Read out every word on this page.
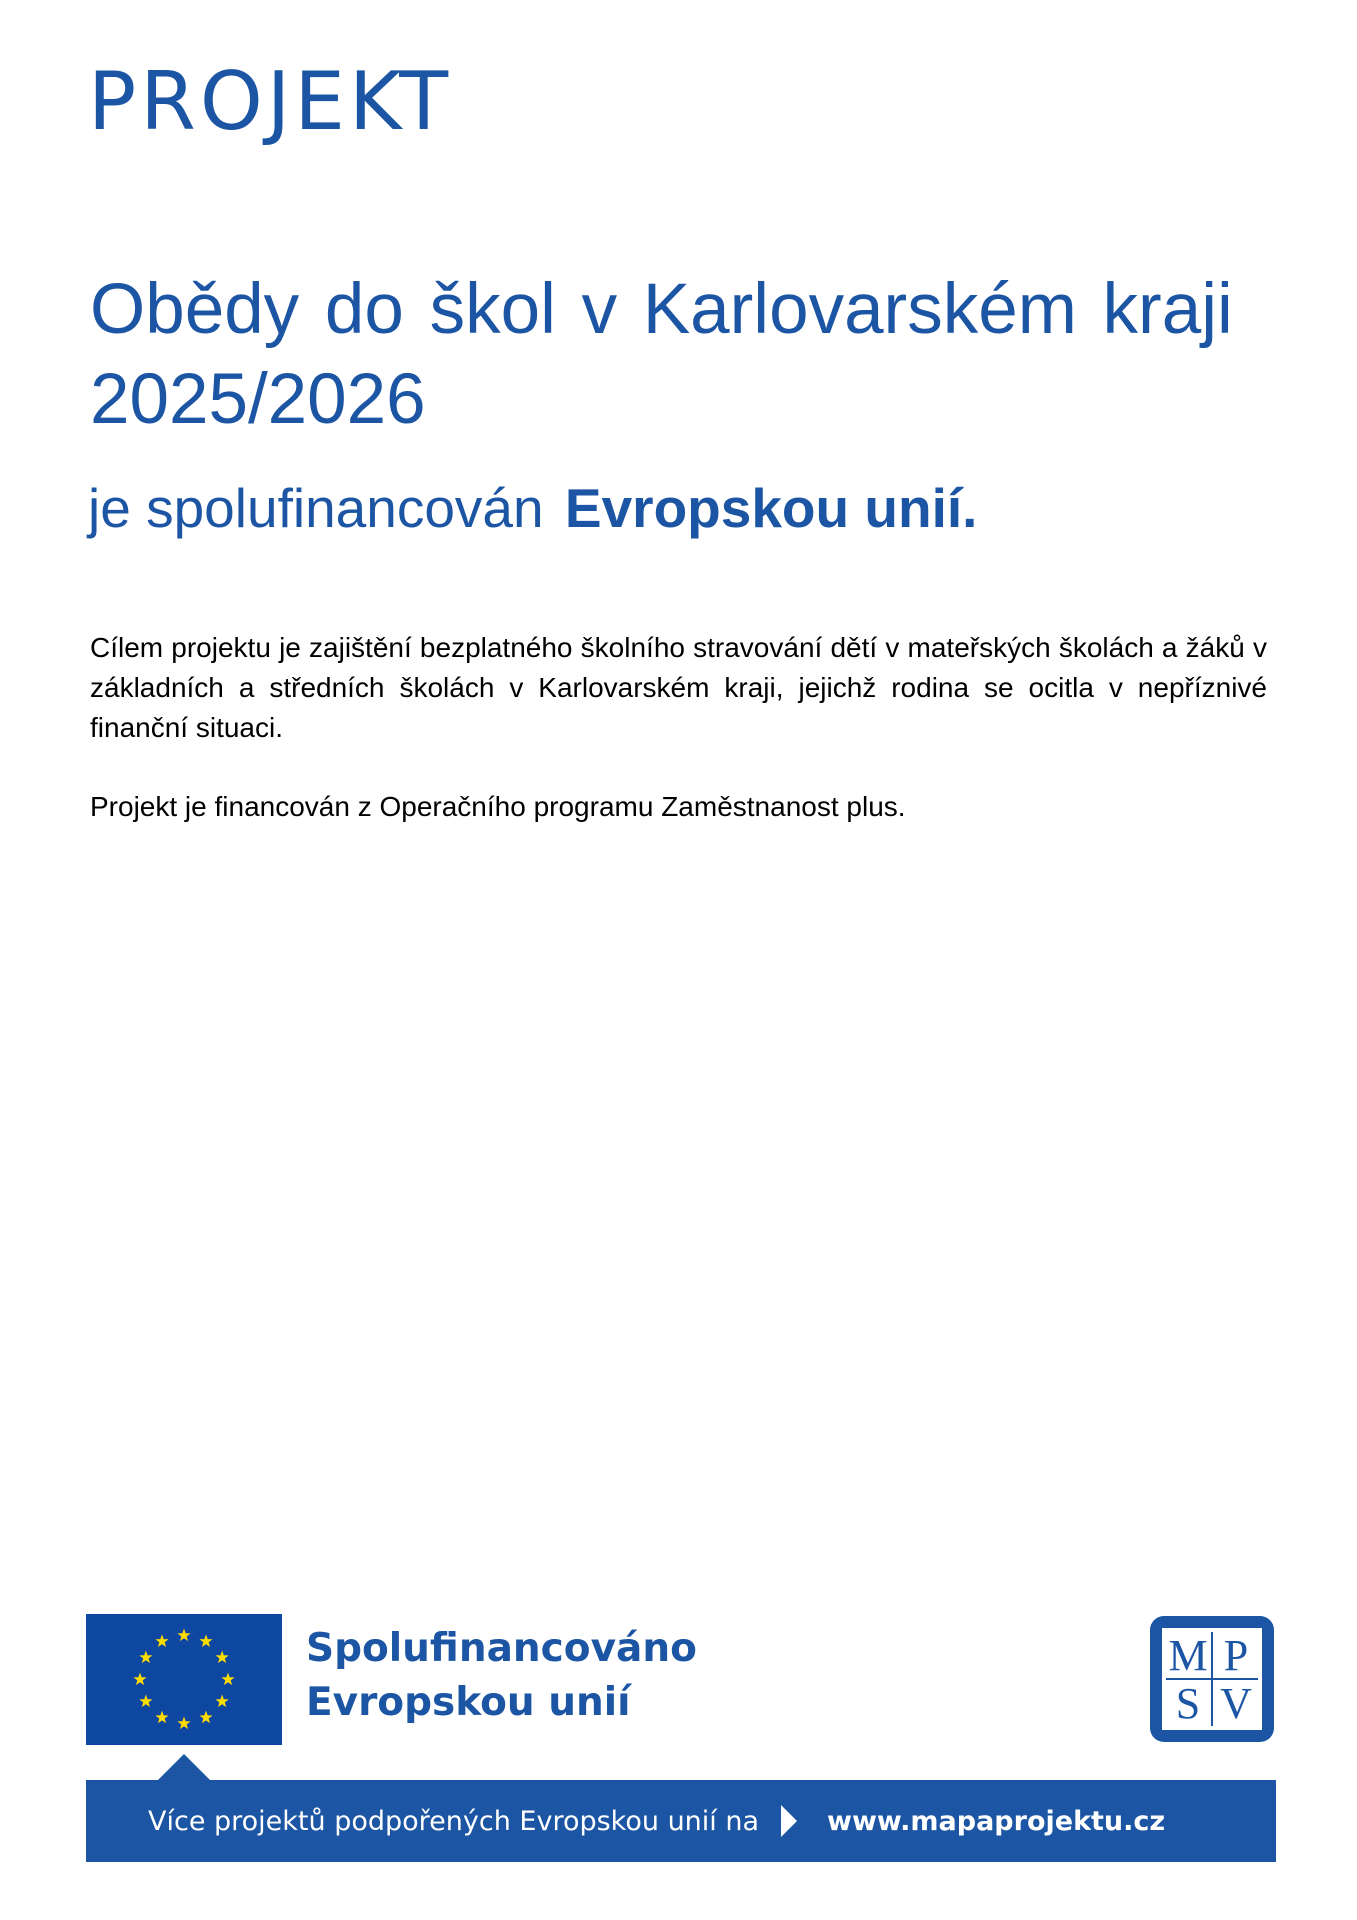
PROJEKT
Obědy do škol v Karlovarském kraji 2025/2026

je spolufinancován Evropskou unií.

Cílem projektu je zajištění bezplatného školního stravování dětí v mateřských školách a žáků v základních a středních školách v Karlovarském kraji, jejichž rodina se ocitla v nepříznivé finanční situaci.

Projekt je financován z Operačního programu Zaměstnanost plus.

Spolufinancováno
Evropskou unií

M P
S V
Více projektů podpořených Evropskou unií na	www.mapaprojektu.cz
